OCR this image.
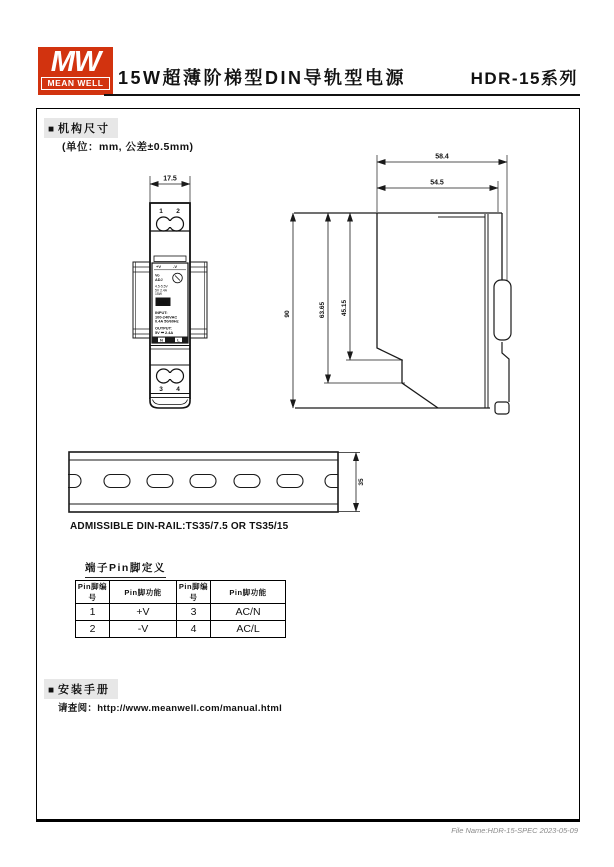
MW
MEAN WELL 15W超薄阶梯型DIN导轨型电源	HDR-15系列
■ 机构尺寸
(单位：mm, 公差±0.5mm)
17.5
1 2
+V	-V
Vo
ADJ
4.5-5.5V
5V 2.4A
15W
MW
INPUT:
100-240VAC
0.4A 50/60Hz
OUTPUT:
5V ⎓ 2.4A
N	L
3 4
58.4
54.5
90	63.65 45.15
35
ADMISSIBLE DIN-RAIL:TS35/7.5 OR TS35/15
端子Pin脚定义
Pin脚编号	Pin脚功能	Pin脚编号	Pin脚功能
1	+V	3	AC/N
2	-V	4	AC/L
■ 安装手册
请查阅：http://www.meanwell.com/manual.html
File Name:HDR-15-SPEC 2023-05-09
